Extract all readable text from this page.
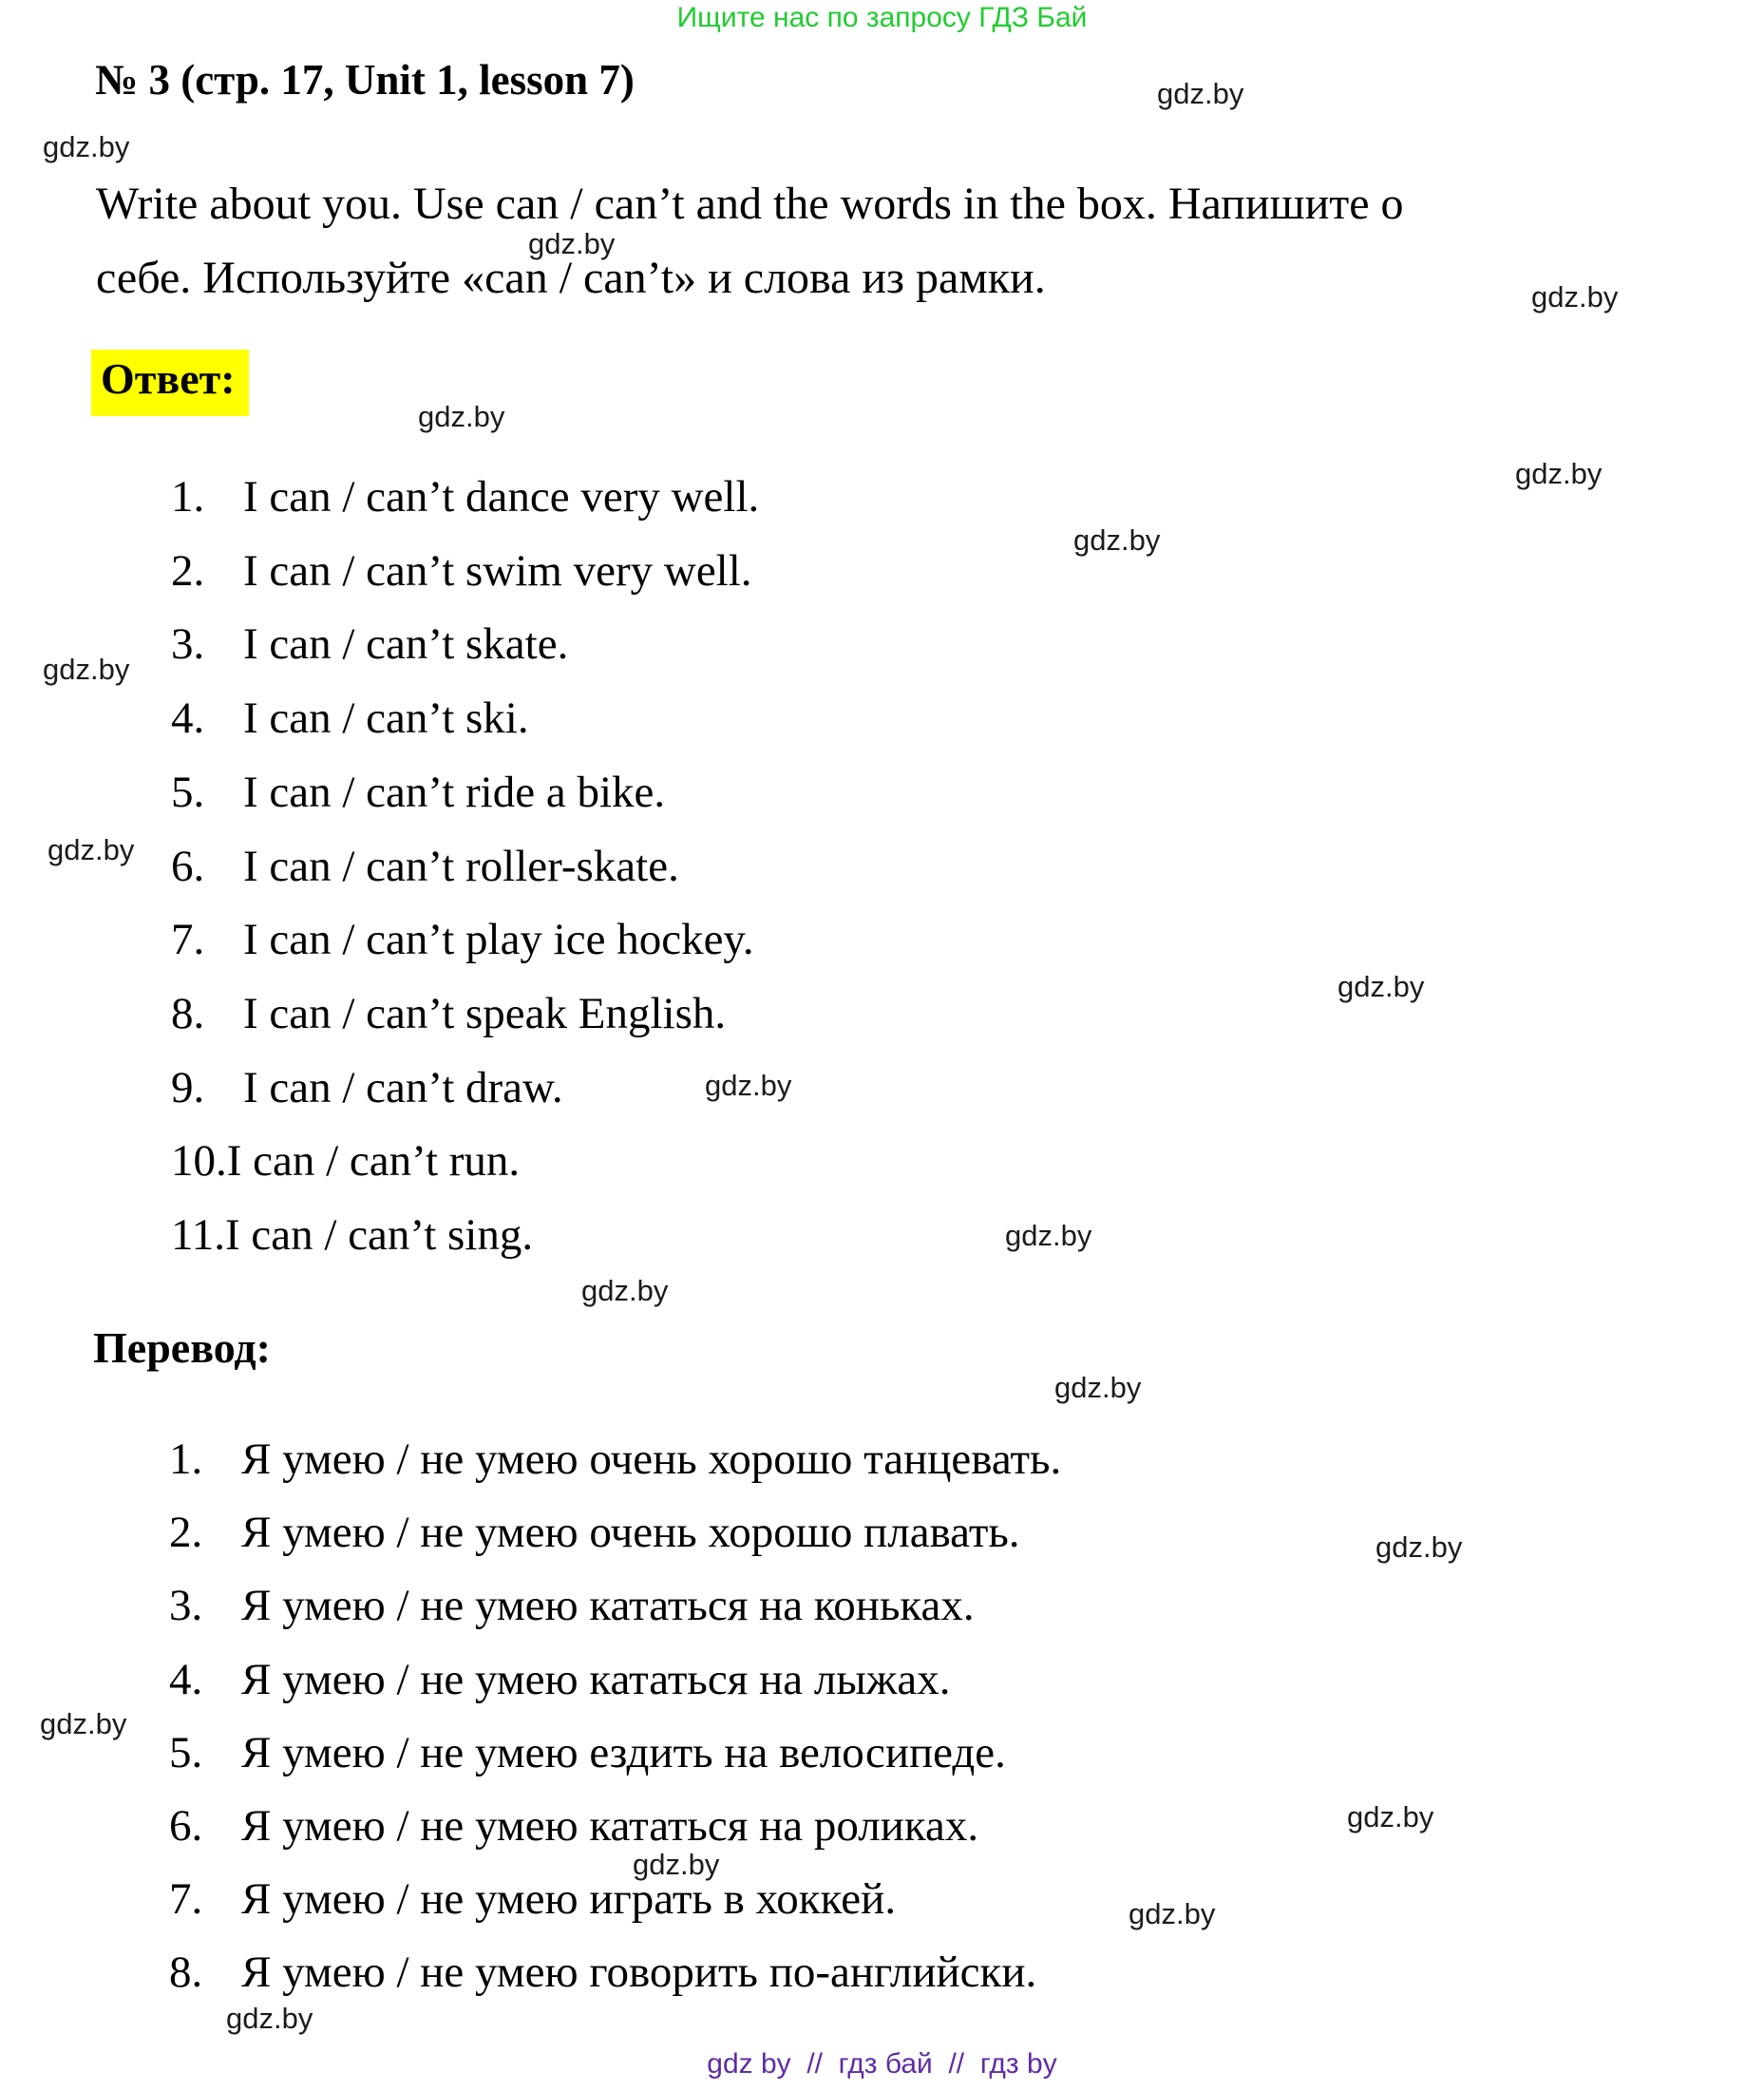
Ищите нас по запросу ГДЗ Бай
№ 3 (стр. 17, Unit 1, lesson 7)
Write about you. Use can / can’t and the words in the box. Напишите о
себе. Используйте «can / can’t» и слова из рамки.
Ответ:
1. I can / can’t dance very well.
2. I can / can’t swim very well.
3. I can / can’t skate.
4. I can / can’t ski.
5. I can / can’t ride a bike.
6. I can / can’t roller-skate.
7. I can / can’t play ice hockey.
8. I can / can’t speak English.
9. I can / can’t draw.
10.I can / can’t run.
11.I can / can’t sing.
Перевод:
1. Я умею / не умею очень хорошо танцевать.
2. Я умею / не умею очень хорошо плавать.
3. Я умею / не умею кататься на коньках.
4. Я умею / не умею кататься на лыжах.
5. Я умею / не умею ездить на велосипеде.
6. Я умею / не умею кататься на роликах.
7. Я умею / не умею играть в хоккей.
8. Я умею / не умею говорить по-английски.
gdz.by
gdz.by
gdz.by
gdz.by
gdz.by
gdz.by
gdz.by
gdz.by
gdz.by
gdz.by
gdz.by
gdz.by
gdz.by
gdz.by
gdz.by
gdz.by
gdz.by
gdz.by
gdz.by
gdz.by
gdz by  //  гдз бай  //  гдз by
